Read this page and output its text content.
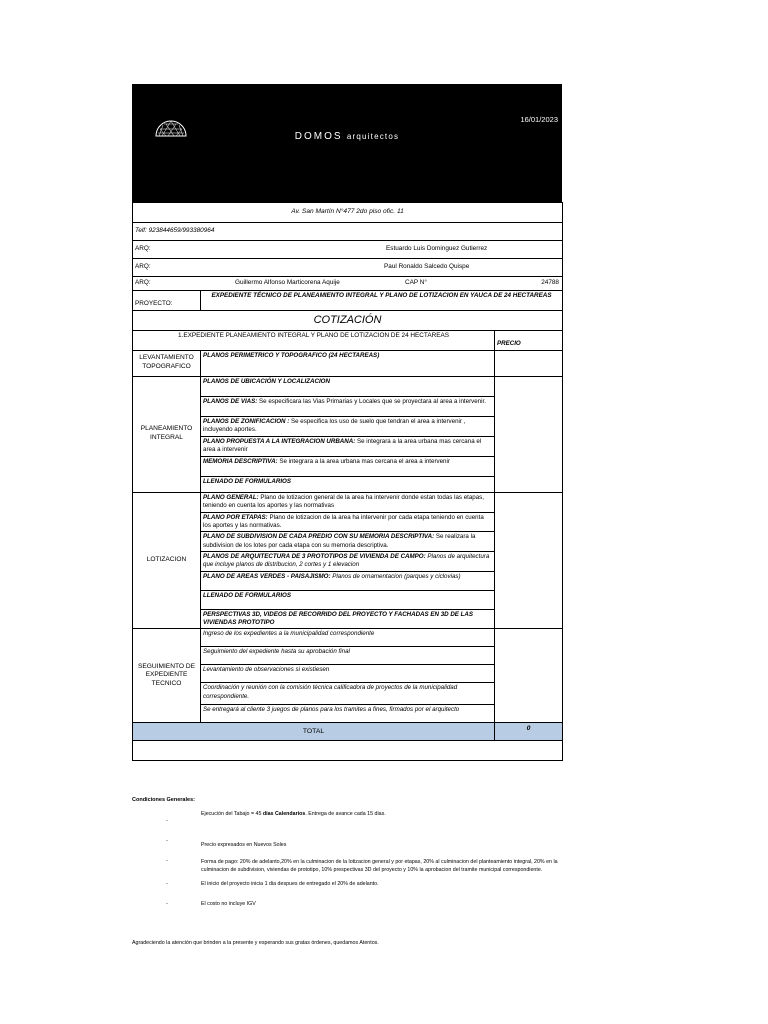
DOMOS arquitectos
16/01/2023
Av. San Martín N°477 2do piso ofic. 11		
Telf: 923844659/993380964		
ARQ: Estuardo Luis Dominguez Gutierrez		

ARQ: Paul Ronaldo Salcedo Quispe		

ARQ: Guillermo Alfonso Marticorena Aquije CAP N° 24788		

PROYECTO:	EXPEDIENTE TÉCNICO DE PLANEAMIENTO INTEGRAL Y PLANO DE LOTIZACION EN YAUCA DE 24 HECTAREAS	
COTIZACIÓN		
1.EXPEDIENTE PLANEAMIENTO INTEGRAL Y PLANO DE LOTIZACION DE 24 HECTAREAS		PRECIO
LEVANTAMIENTO TOPOGRAFICO	PLANOS PERIMETRICO Y TOPOGRAFICO (24 HECTAREAS)	
PLANEAMIENTO INTEGRAL	PLANOS DE UBICACIÓN Y LOCALIZACION	
	PLANOS DE VIAS: Se especificara las Vias Primarias y Locales que se proyectara al area a intervenir.	
	PLANOS DE ZONIFICACION : Se especifica los uso de suelo que tendran el area a intervenir , incluyendo aportes.	
	PLANO PROPUESTA A LA INTEGRACION URBANA: Se integrara a la area urbana mas cercana el area a intervenir	
	MEMORIA DESCRIPTIVA: Se integrara a la area urbana mas cercana el area a intervenir	
	LLENADO DE FORMULARIOS	
LOTIZACION	PLANO GENERAL: Plano de lotizacion general de la area ha intervenir donde estan todas las etapas, teniendo en cuenta los aportes y las normativas	
	PLANO POR ETAPAS: Plano de lotizacion de la area ha intervenir por cada etapa teniendo en cuenta los aportes y las normativas.	
	PLANO DE SUBDIVISION DE CADA PREDIO CON SU MEMORIA DESCRIPTIVA: Se realizara la subdivision de los lotes por cada etapa con su memoria descriptiva.	
	PLANOS DE ARQUITECTURA DE 3 PROTOTIPOS DE VIVIENDA DE CAMPO: Planos de arquitectura que incluye planos de distribucion, 2 cortes y 1 elevacion	
	PLANO DE AREAS VERDES - PAISAJISMO: Planos de ornamentacion (parques y ciclovias)	
	LLENADO DE FORMULARIOS	
	PERSPECTIVAS 3D, VIDEOS DE RECORRIDO DEL PROYECTO Y FACHADAS EN 3D DE LAS VIVIENDAS PROTOTIPO	
SEGUIMIENTO DE EXPEDIENTE TECNICO	Ingreso de los expedientes a la municipalidad correspondiente	
	Seguimiento del expediente hasta su aprobación final	
	Levantamiento de observaciones si existiesen	
	Coordinación y reunión con la comisión técnica calificadora de proyectos de la municipalidad correspondiente.	
	Se entregará al cliente 3 juegos de planos para los tramites a fines, firmados por el arquitecto	
TOTAL		0

Condiciones Generales:
-
Ejecución del Tabajo = 45 días Calendarios. Entrega de avance cada 15 dias.
-
Precio expresados en Nuevos Soles
-	Forma de pago: 20% de adelanto,20% en la culminacion de la lotizacion general y por etapas, 20% al culminacion del planteamiento integral, 20% en la culminacion de subdivision, viviendas de prototipo, 10% prespectivas 3D del proyecto y 10% la aprobacion del tramite municipal correspondiente.
-	El inicio del proyecto inicia 1 dia despues de entregado el 20% de adelanto.
-	El costo no incluye IGV
Agradeciendo la atención que brinden a la presente y esperando sus gratas órdenes, quedamos Atentos.
